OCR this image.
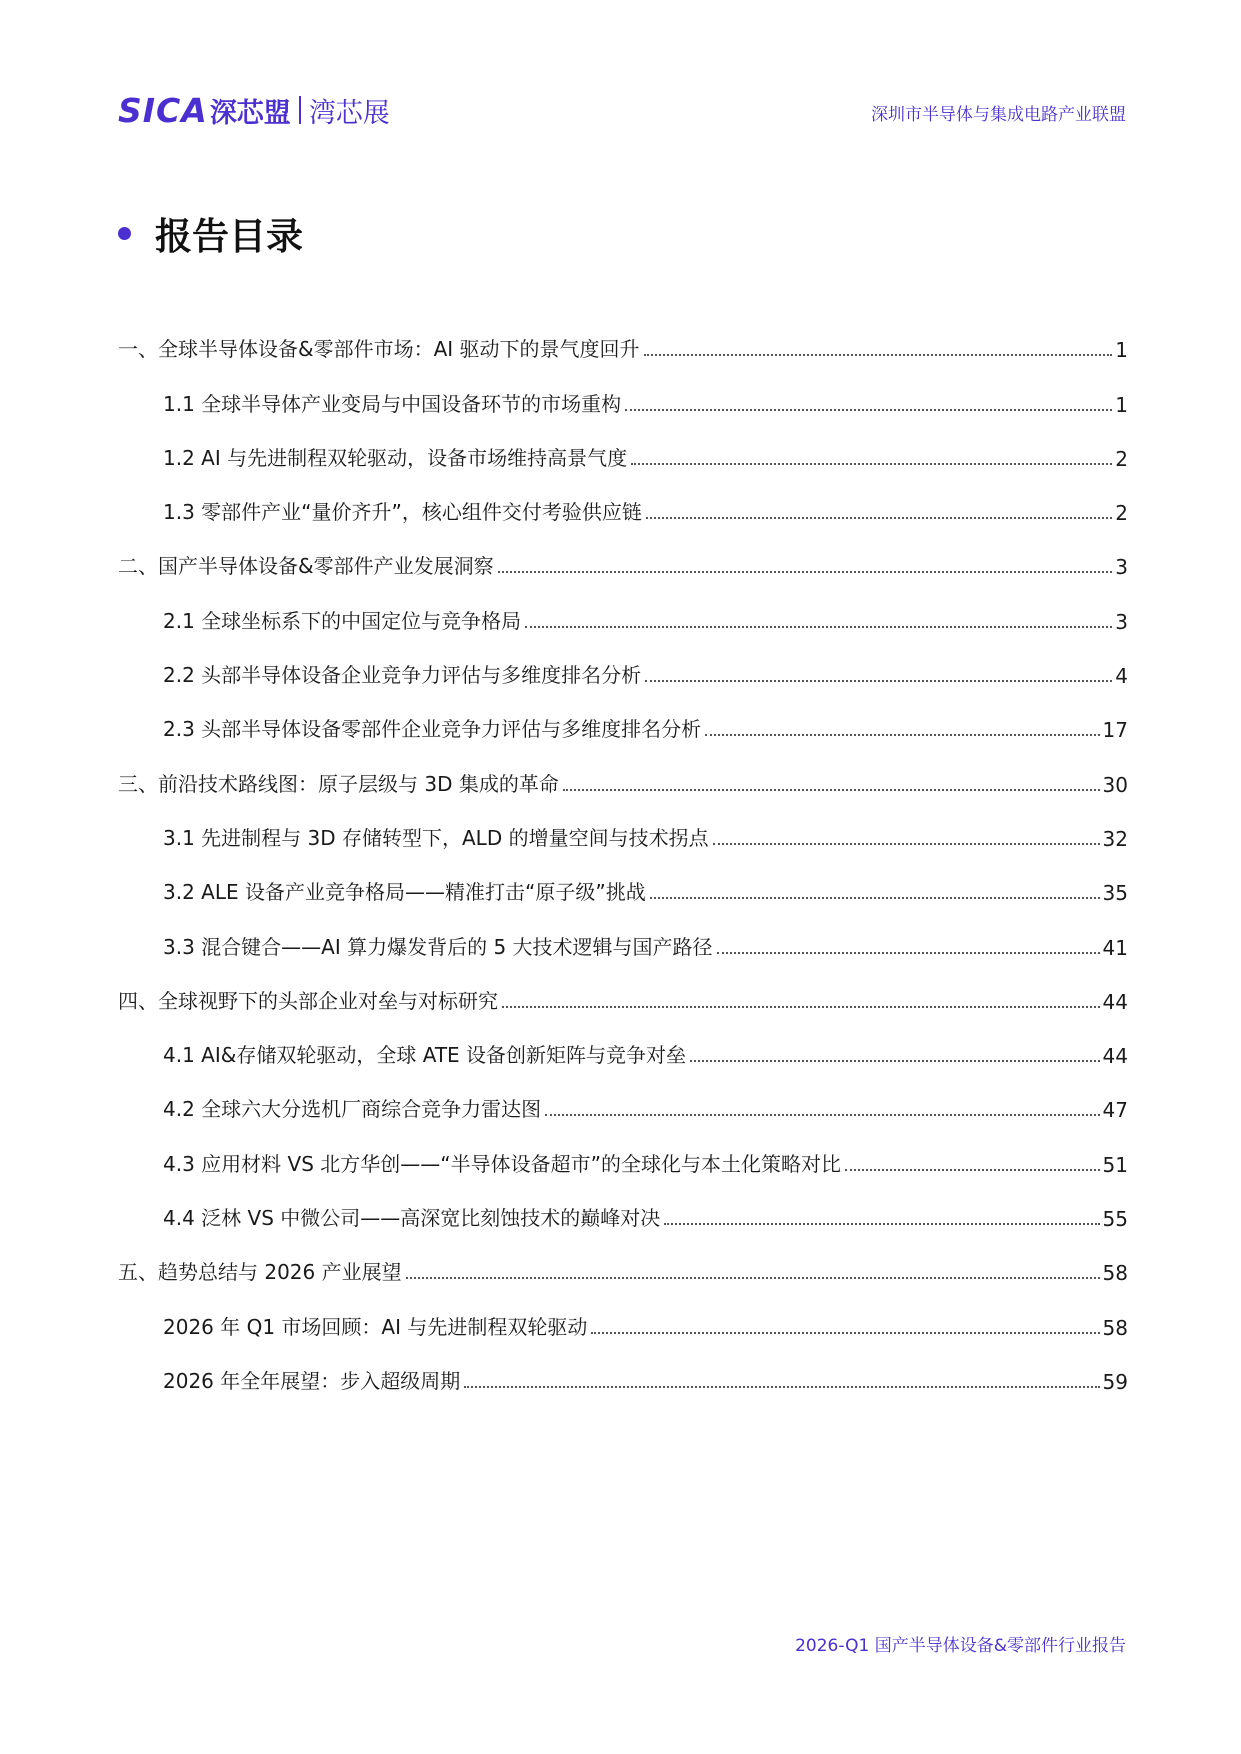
SICA 深芯盟 湾芯展	深圳市半导体与集成电路产业联盟
报告目录
一、全球半导体设备&零部件市场：AI 驱动下的景气度回升	1
1.1 全球半导体产业变局与中国设备环节的市场重构	1
1.2 AI 与先进制程双轮驱动，设备市场维持高景气度	2
1.3 零部件产业“量价齐升”，核心组件交付考验供应链	2
二、国产半导体设备&零部件产业发展洞察	3
2.1 全球坐标系下的中国定位与竞争格局	3
2.2 头部半导体设备企业竞争力评估与多维度排名分析	4
2.3 头部半导体设备零部件企业竞争力评估与多维度排名分析	17
三、前沿技术路线图：原子层级与 3D 集成的革命	30
3.1 先进制程与 3D 存储转型下，ALD 的增量空间与技术拐点	32
3.2 ALE 设备产业竞争格局——精准打击“原子级”挑战	35
3.3 混合键合——AI 算力爆发背后的 5 大技术逻辑与国产路径	41
四、全球视野下的头部企业对垒与对标研究	44
4.1 AI&存储双轮驱动，全球 ATE 设备创新矩阵与竞争对垒	44
4.2 全球六大分选机厂商综合竞争力雷达图	47
4.3 应用材料 VS 北方华创——“半导体设备超市”的全球化与本土化策略对比	51
4.4 泛林 VS 中微公司——高深宽比刻蚀技术的巅峰对决	55
五、趋势总结与 2026 产业展望	58
2026 年 Q1 市场回顾：AI 与先进制程双轮驱动	58
2026 年全年展望：步入超级周期	59
2026-Q1 国产半导体设备&零部件行业报告
